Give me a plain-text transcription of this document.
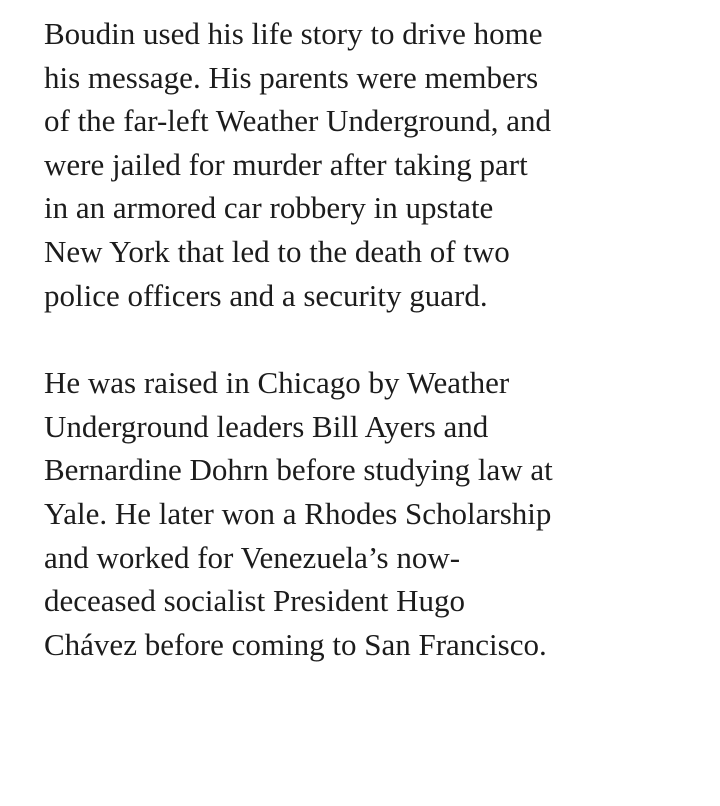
Boudin used his life story to drive home
his message. His parents were members
of the far-left Weather Underground, and
were jailed for murder after taking part
in an armored car robbery in upstate
New York that led to the death of two
police officers and a security guard.

He was raised in Chicago by Weather
Underground leaders Bill Ayers and
Bernardine Dohrn before studying law at
Yale. He later won a Rhodes Scholarship
and worked for Venezuela’s now-
deceased socialist President Hugo
Chávez before coming to San Francisco.
